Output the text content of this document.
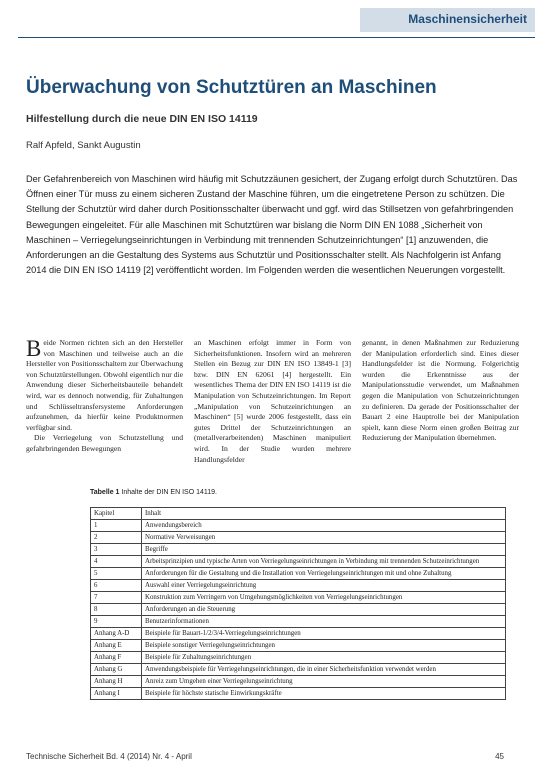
Maschinensicherheit
Überwachung von Schutztüren an Maschinen
Hilfestellung durch die neue DIN EN ISO 14119
Ralf Apfeld, Sankt Augustin
Der Gefahrenbereich von Maschinen wird häufig mit Schutzzäunen gesichert, der Zugang erfolgt durch Schutztüren. Das Öffnen einer Tür muss zu einem sicheren Zustand der Maschine führen, um die eingetretene Person zu schützen. Die Stellung der Schutztür wird daher durch Positionsschalter überwacht und ggf. wird das Stillsetzen von gefahrbringenden Bewegungen eingeleitet. Für alle Maschinen mit Schutztüren war bislang die Norm DIN EN 1088 „Sicherheit von Maschinen – Verriegelungseinrichtungen in Verbindung mit trennenden Schutzeinrichtungen“ [1] anzuwenden, die Anforderungen an die Gestaltung des Systems aus Schutztür und Positionsschalter stellt. Als Nachfolgerin ist Anfang 2014 die DIN EN ISO 14119 [2] veröffentlicht worden. Im Folgenden werden die wesentlichen Neuerungen vorgestellt.
Beide Normen richten sich an den Hersteller von Maschinen und teilweise auch an die Hersteller von Positionsschaltern zur Überwachung von Schutztürstellungen. Obwohl eigentlich nur die Anwendung dieser Sicherheitsbauteile behandelt wird, war es dennoch notwendig, für Zuhaltungen und Schlüsseltransfersysteme Anforderungen aufzunehmen, da hierfür keine Produktnormen verfügbar sind.
Die Verriegelung von Schutzstellung und gefahrbringenden Bewegungen
an Maschinen erfolgt immer in Form von Sicherheitsfunktionen. Insofern wird an mehreren Stellen ein Bezug zur DIN EN ISO 13849-1 [3] bzw. DIN EN 62061 [4] hergestellt. Ein wesentliches Thema der DIN EN ISO 14119 ist die Manipulation von Schutzeinrichtungen. Im Report „Manipulation von Schutzeinrichtungen an Maschinen“ [5] wurde 2006 festgestellt, dass ein gutes Drittel der Schutzeinrichtungen an (metallverarbeitenden) Maschinen manipuliert wird. In der Studie wurden mehrere Handlungsfelder
genannt, in denen Maßnahmen zur Reduzierung der Manipulation erforderlich sind. Eines dieser Handlungsfelder ist die Normung. Folgerichtig wurden die Erkenntnisse aus der Manipulationsstudie verwendet, um Maßnahmen gegen die Manipulation von Schutzeinrichtungen zu definieren. Da gerade der Positionsschalter der Bauart 2 eine Hauptrolle bei der Manipulation spielt, kann diese Norm einen großen Beitrag zur Reduzierung der Manipulation übernehmen.
Tabelle 1 Inhalte der DIN EN ISO 14119.
Kapitel	Inhalt
1	Anwendungsbereich
2	Normative Verweisungen
3	Begriffe
4	Arbeitsprinzipien und typische Arten von Verriegelungseinrichtungen in Verbindung mit trennenden Schutzeinrichtungen
5	Anforderungen für die Gestaltung und die Installation von Verriegelungseinrichtungen mit und ohne Zuhaltung
6	Auswahl einer Verriegelungseinrichtung
7	Konstruktion zum Verringern von Umgehungsmöglichkeiten von Verriegelungseinrichtungen
8	Anforderungen an die Steuerung
9	Benutzerinformationen
Anhang A-D	Beispiele für Bauart-1/2/3/4-Verriegelungseinrichtungen
Anhang E	Beispiele sonstiger Verriegelungseinrichtungen
Anhang F	Beispiele für Zuhaltungseinrichtungen
Anhang G	Anwendungsbeispiele für Verriegelungseinrichtungen, die in einer Sicherheitsfunktion verwendet werden
Anhang H	Anreiz zum Umgehen einer Verriegelungseinrichtung
Anhang I	Beispiele für höchste statische Einwirkungskräfte
Technische Sicherheit Bd. 4 (2014) Nr. 4 - April	45
